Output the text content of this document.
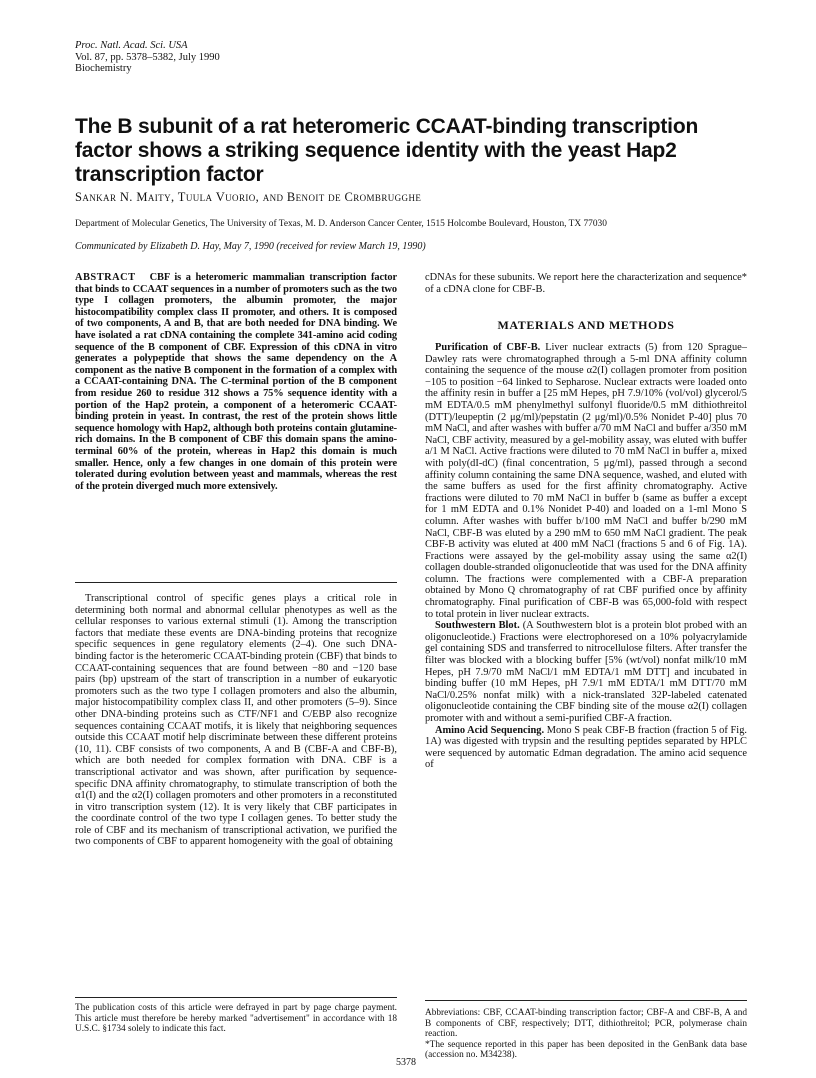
Proc. Natl. Acad. Sci. USA
Vol. 87, pp. 5378–5382, July 1990
Biochemistry
The B subunit of a rat heteromeric CCAAT-binding transcription factor shows a striking sequence identity with the yeast Hap2 transcription factor
Sankar N. Maity, Tuula Vuorio, and Benoit de Crombrugghe
Department of Molecular Genetics, The University of Texas, M. D. Anderson Cancer Center, 1515 Holcombe Boulevard, Houston, TX 77030
Communicated by Elizabeth D. Hay, May 7, 1990 (received for review March 19, 1990)
ABSTRACT CBF is a heteromeric mammalian transcription factor that binds to CCAAT sequences in a number of promoters such as the two type I collagen promoters, the albumin promoter, the major histocompatibility complex class II promoter, and others. It is composed of two components, A and B, that are both needed for DNA binding. We have isolated a rat cDNA containing the complete 341-amino acid coding sequence of the B component of CBF. Expression of this cDNA in vitro generates a polypeptide that shows the same dependency on the A component as the native B component in the formation of a complex with a CCAAT-containing DNA. The C-terminal portion of the B component from residue 260 to residue 312 shows a 75% sequence identity with a portion of the Hap2 protein, a component of a heteromeric CCAAT-binding protein in yeast. In contrast, the rest of the protein shows little sequence homology with Hap2, although both proteins contain glutamine-rich domains. In the B component of CBF this domain spans the amino-terminal 60% of the protein, whereas in Hap2 this domain is much smaller. Hence, only a few changes in one domain of this protein were tolerated during evolution between yeast and mammals, whereas the rest of the protein diverged much more extensively.

Transcriptional control of specific genes plays a critical role in determining both normal and abnormal cellular phenotypes as well as the cellular responses to various external stimuli (1). Among the transcription factors that mediate these events are DNA-binding proteins that recognize specific sequences in gene regulatory elements (2–4). One such DNA-binding factor is the heteromeric CCAAT-binding protein (CBF) that binds to CCAAT-containing sequences that are found between −80 and −120 base pairs (bp) upstream of the start of transcription in a number of eukaryotic promoters such as the two type I collagen promoters and also the albumin, major histocompatibility complex class II, and other promoters (5–9). Since other DNA-binding proteins such as CTF/NF1 and C/EBP also recognize sequences containing CCAAT motifs, it is likely that neighboring sequences outside this CCAAT motif help discriminate between these different proteins (10, 11). CBF consists of two components, A and B (CBF-A and CBF-B), which are both needed for complex formation with DNA. CBF is a transcriptional activator and was shown, after purification by sequence-specific DNA affinity chromatography, to stimulate transcription of both the α1(I) and the α2(I) collagen promoters and other promoters in a reconstituted in vitro transcription system (12). It is very likely that CBF participates in the coordinate control of the two type I collagen genes. To better study the role of CBF and its mechanism of transcriptional activation, we purified the two components of CBF to apparent homogeneity with the goal of obtaining

The publication costs of this article were defrayed in part by page charge payment. This article must therefore be hereby marked "advertisement" in accordance with 18 U.S.C. §1734 solely to indicate this fact.
cDNAs for these subunits. We report here the characterization and sequence* of a cDNA clone for CBF-B.
MATERIALS AND METHODS

Purification of CBF-B. Liver nuclear extracts (5) from 120 Sprague–Dawley rats were chromatographed through a 5-ml DNA affinity column containing the sequence of the mouse α2(I) collagen promoter from position −105 to position −64 linked to Sepharose. Nuclear extracts were loaded onto the affinity resin in buffer a [25 mM Hepes, pH 7.9/10% (vol/vol) glycerol/5 mM EDTA/0.5 mM phenylmethyl sulfonyl fluoride/0.5 mM dithiothreitol (DTT)/leupeptin (2 μg/ml)/pepstatin (2 μg/ml)/0.5% Nonidet P-40] plus 70 mM NaCl, and after washes with buffer a/70 mM NaCl and buffer a/350 mM NaCl, CBF activity, measured by a gel-mobility assay, was eluted with buffer a/1 M NaCl. Active fractions were diluted to 70 mM NaCl in buffer a, mixed with poly(dI-dC) (final concentration, 5 μg/ml), passed through a second affinity column containing the same DNA sequence, washed, and eluted with the same buffers as used for the first affinity chromatography. Active fractions were diluted to 70 mM NaCl in buffer b (same as buffer a except for 1 mM EDTA and 0.1% Nonidet P-40) and loaded on a 1-ml Mono S column. After washes with buffer b/100 mM NaCl and buffer b/290 mM NaCl, CBF-B was eluted by a 290 mM to 650 mM NaCl gradient. The peak CBF-B activity was eluted at 400 mM NaCl (fractions 5 and 6 of Fig. 1A). Fractions were assayed by the gel-mobility assay using the same α2(I) collagen double-stranded oligonucleotide that was used for the DNA affinity column. The fractions were complemented with a CBF-A preparation obtained by Mono Q chromatography of rat CBF purified once by affinity chromatography. Final purification of CBF-B was 65,000-fold with respect to total protein in liver nuclear extracts.

Southwestern Blot. (A Southwestern blot is a protein blot probed with an oligonucleotide.) Fractions were electrophoresed on a 10% polyacrylamide gel containing SDS and transferred to nitrocellulose filters. After transfer the filter was blocked with a blocking buffer [5% (wt/vol) nonfat milk/10 mM Hepes, pH 7.9/70 mM NaCl/1 mM EDTA/1 mM DTT] and incubated in binding buffer (10 mM Hepes, pH 7.9/1 mM EDTA/1 mM DTT/70 mM NaCl/0.25% nonfat milk) with a nick-translated 32P-labeled catenated oligonucleotide containing the CBF binding site of the mouse α2(I) collagen promoter with and without a semi-purified CBF-A fraction.

Amino Acid Sequencing. Mono S peak CBF-B fraction (fraction 5 of Fig. 1A) was digested with trypsin and the resulting peptides separated by HPLC were sequenced by automatic Edman degradation. The amino acid sequence of

Abbreviations: CBF, CCAAT-binding transcription factor; CBF-A and CBF-B, A and B components of CBF, respectively; DTT, dithiothreitol; PCR, polymerase chain reaction.
*The sequence reported in this paper has been deposited in the GenBank data base (accession no. M34238).
5378
